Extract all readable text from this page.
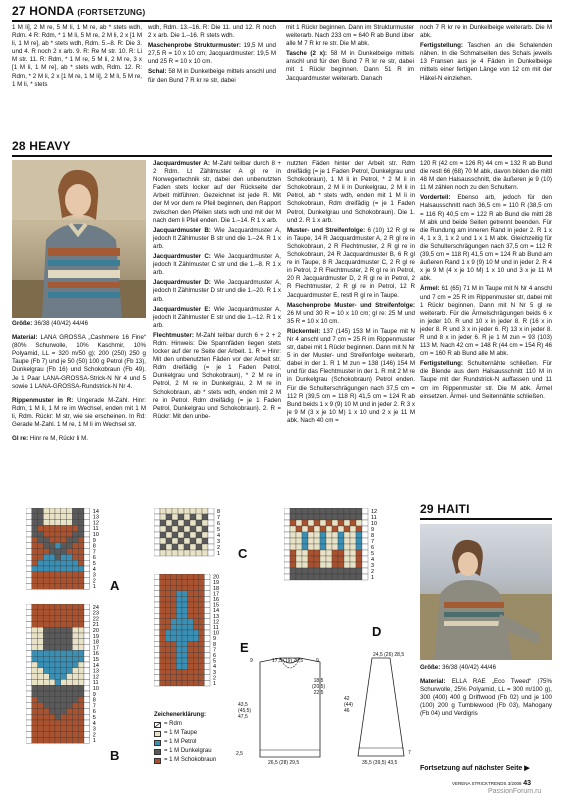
27 HONDA (FORTSETZUNG)

1 M li], 2 M re, 5 M li, 1 M re, ab * stets wdh, Rdm. 4 R: Rdm, * 1 M li, 5 M re, 2 M li, 2 x [1 M li, 1 M re], ab * stets wdh, Rdm. 5.–8. R: Die 3. und 4. R noch 2 x arb. 9. R: Re M str. 10. R: Li M str. 11. R: Rdm, * 1 M re, 5 M li, 2 M re, 3 x [1 M li, 1 M re], ab * stets wdh, Rdm. 12. R: Rdm, * 2 M li, 2 x [1 M re, 1 M li], 2 M li, 5 M re, 1 M li, * stets

wdh, Rdm. 13.–16. R: Die 11. und 12. R noch 2 x arb. Die 1.–16. R stets wdh.

Maschenprobe Strukturmuster: 19,5 M und 27,5 R = 10 x 10 cm; Jacquardmuster: 19,5 M und 25 R = 10 x 10 cm.

Schal: 58 M in Dunkelbeige mittels anschl und für den Bund 7 R kr re str, dabei

mit 1 Rückr beginnen. Dann im Strukturmuster weiterarb. Nach 233 cm = 640 R ab Bund über alle M 7 R kr re str. Die M abk.

Tasche (2 x): 58 M in Dunkelbeige mittels anschl und für den Bund 7 R kr re str, dabei mit 1 Rückr beginnen. Dann 51 R im Jacquardmuster weiterarb. Danach

noch 7 R kr re in Dunkelbeige weiterarb. Die M abk.

Fertigstellung: Taschen an die Schalenden nähen. In die Schmalseiten des Schals jeweils 13 Fransen aus je 4 Fäden in Dunkelbeige mittels einer fertigen Länge von 12 cm mit der Häkel-N einziehen.

28 HEAVY

Größe: 36/38 (40/42) 44/46

Material: LANA GROSSA „Cashmere 16 Fine“ (80% Schurwolle, 10% Kaschmir, 10% Polyamid, LL = 320 m/50 g): 200 (250) 250 g Taupe (Fb 7) und je 50 (50) 100 g Petrol (Fb 13), Dunkelgrau (Fb 16) und Schokobraun (Fb 49). Je 1 Paar LANA-GROSSA-Strick-N Nr 4 und 5 sowie 1 LANA-GROSSA-Rundstrick-N Nr 4.

Rippenmuster in R: Ungerade M-Zahl. Hinr: Rdm, 1 M li, 1 M re im Wechsel, enden mit 1 M li, Rdm. Rückr: M str, wie sie erscheinen. In Rd: Gerade M-Zahl. 1 M re, 1 M li im Wechsel str.

Gl re: Hinr re M, Rückr li M.

Jacquardmuster A: M-Zahl teilbar durch 8 + 2 Rdm. Lt Zählmuster A gl re in Norwegertechnik str, dabei den unbenutzten Faden stets locker auf der Rückseite der Arbeit mitführen. Gezeichnet ist jede R. Mit der M vor dem re Pfeil beginnen, den Rapport zwischen den Pfeilen stets wdh und mit der M nach dem li Pfeil enden. Die 1.–14. R 1 x arb.

Jacquardmuster B: Wie Jacquardmuster A, jedoch lt Zählmuster B str und die 1.–24. R 1 x arb.

Jacquardmuster C: Wie Jacquardmuster A, jedoch lt Zählmuster C str und die 1.–8. R 1 x arb.

Jacquardmuster D: Wie Jacquardmuster A, jedoch lt Zählmuster D str und die 1.–20. R 1 x arb.

Jacquardmuster E: Wie Jacquardmuster A, jedoch lt Zählmuster E str und die 1.–12. R 1 x arb.

Flechtmuster: M-Zahl teilbar durch 6 + 2 + 2 Rdm. Hinweis: Die Spannfäden liegen stets locker auf der re Seite der Arbeit. 1. R = Hinr: Mit den unbenutzten Fäden vor der Arbeit str. Rdm dreifädig (= je 1 Faden Petrol, Dunkelgrau und Schokobraun), * 2 M re in Petrol, 2 M re in Dunkelgrau, 2 M re in Schokobraun, ab * stets wdh, enden mit 2 M re in Petrol. Rdm dreifädig (= je 1 Faden Petrol, Dunkelgrau und Schokobraun). 2. R = Rückr: Mit den unbe-

nutzten Fäden hinter der Arbeit str. Rdm dreifädig (= je 1 Faden Petrol, Dunkelgrau und Schokobraun), 1 M li in Petrol, * 2 M li in Schokobraun, 2 M li in Dunkelgrau, 2 M li in Petrol, ab * stets wdh, enden mit 1 M li in Schokobraun, Rdm dreifädig (= je 1 Faden Petrol, Dunkelgrau und Schokobraun). Die 1. und 2. R 1 x arb.

Muster- und Streifenfolge: 6 (10) 12 R gl re in Taupe, 14 R Jacquardmuster A, 2 R gl re in Schokobraun, 2 R Flechtmuster, 2 R gl re in Schokobraun, 24 R Jacquardmuster B, 6 R gl re in Taupe, 8 R Jacquardmuster C, 2 R gl re in Petrol, 2 R Flechtmuster, 2 R gl re in Petrol, 20 R Jacquardmuster D, 2 R gl re in Petrol, 2 R Flechtmuster, 2 R gl re in Petrol, 12 R Jacquardmuster E, restl R gl re in Taupe.

Maschenprobe Muster- und Streifenfolge: 26 M und 30 R = 10 x 10 cm; gl re: 25 M und 35 R = 10 x 10 cm.

Rückenteil: 137 (145) 153 M in Taupe mit N Nr 4 anschl und 7 cm = 25 R im Rippenmuster str, dabei mit 1 Rückr beginnen. Dann mit N Nr 5 in der Muster- und Streifenfolge weiterarb, dabei in der 1. R 1 M zun = 138 (146) 154 M und für das Flechtmuster in der 1. R mit 2 M re in Dunkelgrau (Schokobraun) Petrol enden. Für die Schulterschrägungen nach 37,5 cm = 112 R (39,5 cm = 118 R) 41,5 cm = 124 R ab Bund beids 1 x 9 (9) 10 M und in jeder 2. R 3 x je 9 M (3 x je 10 M) 1 x 10 und 2 x je 11 M abk. Nach 40 cm =

120 R (42 cm = 126 R) 44 cm = 132 R ab Bund die restl 66 (68) 70 M abk, davon bilden die mittl 48 M den Halsausschnitt, die äußeren je 9 (10) 11 M zählen noch zu den Schultern.

Vorderteil: Ebenso arb, jedoch für den Halsausschnitt nach 36,5 cm = 110 R (38,5 cm = 116 R) 40,5 cm = 122 R ab Bund die mittl 28 M abk und beide Seiten getrennt beenden. Für die Rundung am inneren Rand in jeder 2. R 1 x 4, 1 x 3, 1 x 2 und 1 x 1 M abk. Gleichzeitig für die Schulterschrägungen nach 37,5 cm = 112 R (39,5 cm = 118 R) 41,5 cm = 124 R ab Bund am äußeren Rand 1 x 9 (9) 10 M und in jeder 2. R 4 x je 9 M (4 x je 10 M) 1 x 10 und 3 x je 11 M abk.

Ärmel: 61 (65) 71 M in Taupe mit N Nr 4 anschl und 7 cm = 25 R im Rippenmuster str, dabei mit 1 Rückr beginnen. Dann mit N Nr 5 gl re weiterarb. Für die Ärmelschrägungen beids 6 x in jeder 10. R und 10 x in jeder 8. R (16 x in jeder 8. R und 3 x in jeder 6. R) 13 x in jeder 8. R und 8 x in jeder 6. R je 1 M zun = 93 (103) 113 M. Nach 42 cm = 148 R (44 cm = 154 R) 46 cm = 160 R ab Bund alle M abk.

Fertigstellung: Schulternähte schließen. Für die Blende aus dem Halsausschnitt 110 M in Taupe mit der Rundstrick-N auffassen und 11 cm im Rippenmuster str. Die M abk. Ärmel einsetzen. Ärmel- und Seitennähte schließen.

14
13
12
11
10
9
8
7
6
5
4
3
2
1 A
24
23
22
21
20
19
18
17
16
15
14
13
12
11
10
9
8
7
6
5
4
3
2
1
B
8
7
6
5
4
3
2
1 C
20
19
18
17
16
15
14
13
12
11
10
9
8
7
6
5
4
3
2
1
12
11
10
9
8
7
6
5
4
3
2
1
D
E
Zeichenerklärung:
= Rdm
= 1 M Taupe
= 1 M Petrol
= 1 M Dunkelgrau
= 1 M Schokobraun
9	17,5 (19) 20,5	9
18,5
(20,5)
22,5
43,5
(45,5)
47,5
2,5
26,5 (28) 29,5
24,5 (26) 28,5
42
(44)
46
7
35,5 (39,5) 43,5
29 HAITI

Größe: 36/38 (40/42) 44/46

Material: ELLA RAE „Eco Tweed“ (75% Schurwolle, 25% Polyamid, LL = 300 m/100 g), 300 (400) 400 g Driftwood (Fb 02) und je 100 (100) 200 g Tumblewood (Fb 03), Mahogany (Fb 04) und Verdigris

Fortsetzung auf nächster Seite ▶
VERENA STRICKTRENDS 3/2008 43
PassionForum.ru
